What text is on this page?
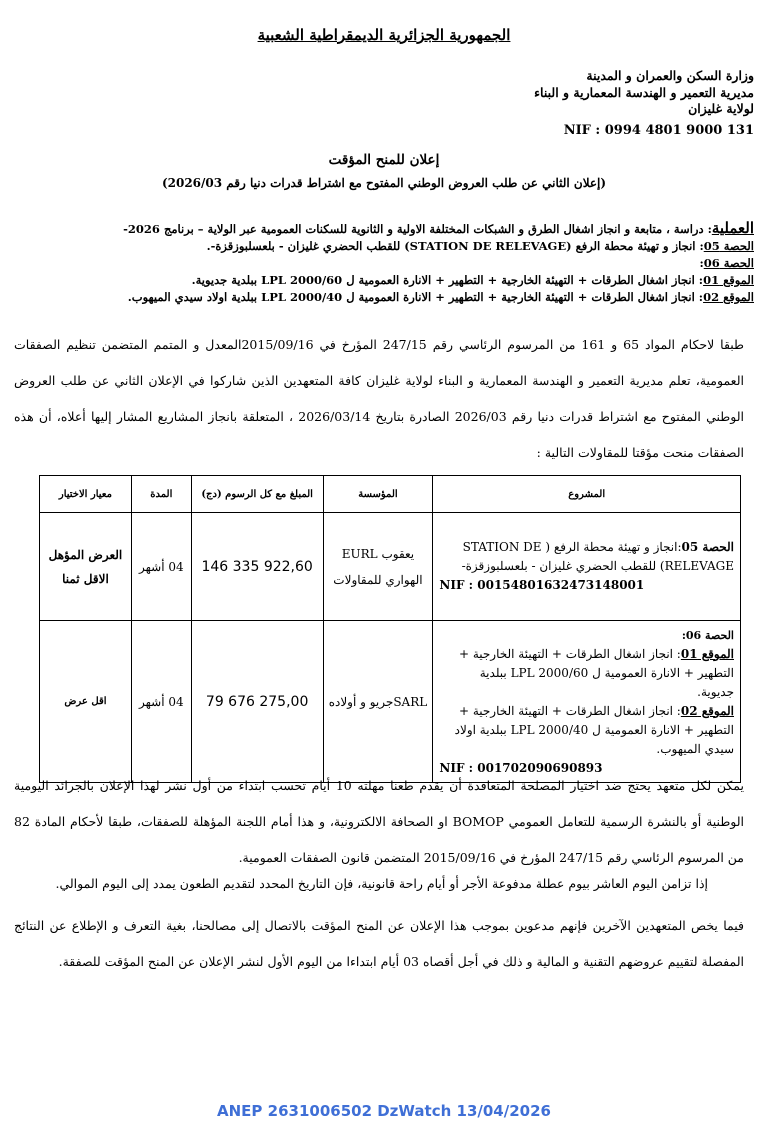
الجمهورية الجزائرية الديمقراطية الشعبية
وزارة السكن والعمران و المدينة
مديرية التعمير و الهندسة المعمارية و البناء
لولاية غليزان
NIF : 0994 4801 9000 131
إعلان للمنح المؤقت
(إعلان الثاني عن طلب العروض الوطني المفتوح مع اشتراط قدرات دنيا رقم 2026/03)
العملية: دراسة ، متابعة و انجاز اشغال الطرق و الشبكات المختلفة الاولية و الثانوية للسكنات العمومية عبر الولاية – برنامج 2026-
الحصة 05: انجاز و تهيئة محطة الرفع (STATION DE RELEVAGE) للقطب الحضري غليزان - بلعسلبوزقزة-.
الحصة 06:
الموقع 01: انجاز اشغال الطرقات + التهيئة الخارجية + التطهير + الانارة العمومية ل LPL 2000/60 ببلدية جديوية.
الموقع 02: انجاز اشغال الطرقات + التهيئة الخارجية + التطهير + الانارة العمومية ل LPL 2000/40 ببلدية اولاد سيدي الميهوب.
طبقا لاحكام المواد 65 و 161 من المرسوم الرئاسي رقم 247/15 المؤرخ في 2015/09/16المعدل و المتمم المتضمن تنظيم الصفقات العمومية، تعلم مديرية التعمير و الهندسة المعمارية و البناء لولاية غليزان كافة المتعهدين الذين شاركوا في الإعلان الثاني عن طلب العروض الوطني المفتوح مع اشتراط قدرات دنيا رقم 2026/03 الصادرة بتاريخ 2026/03/14 ، المتعلقة بانجاز المشاريع المشار إليها أعلاه، أن هذه الصفقات منحت مؤقتا للمقاولات التالية :
المشروع	المؤسسة	المبلغ مع كل الرسوم (دج)	المدة	معيار الاختيار

الحصة 05:انجاز و تهيئة محطة الرفع ( STATION DE RELEVAGE) للقطب الحضري غليزان - بلعسلبوزقزة-
NIF : 00154801632473148001	يعقوب EURL الهواري للمقاولات	146 335 922,60	04 أشهر	العرض المؤهل الاقل ثمنا

الحصة 06:
الموقع 01: انجاز اشغال الطرقات + التهيئة الخارجية + التطهير + الانارة العمومية ل LPL 2000/60 ببلدية جديوية.
الموقع 02: انجاز اشغال الطرقات + التهيئة الخارجية + التطهير + الانارة العمومية ل LPL 2000/40 ببلدية اولاد سيدي الميهوب.
NIF : 001702090690893	SARLجريو و أولاده	79 676 275,00	04 أشهر	اقل عرض
يمكن لكل متعهد يحتج ضد اختيار المصلحة المتعاقدة أن يقدم طعنا مهلته 10 أيام تحسب ابتداء من أول نشر لهذا الإعلان بالجرائد اليومية الوطنية أو بالنشرة الرسمية للتعامل العمومي BOMOP او الصحافة الالكترونية، و هذا أمام اللجنة المؤهلة للصفقات، طبقا لأحكام المادة 82 من المرسوم الرئاسي رقم 247/15 المؤرخ في 2015/09/16 المتضمن قانون الصفقات العمومية.
إذا تزامن اليوم العاشر بيوم عطلة مدفوعة الأجر أو أيام راحة قانونية، فإن التاريخ المحدد لتقديم الطعون يمدد إلى اليوم الموالي.
فيما يخص المتعهدين الآخرين فإنهم مدعوين بموجب هذا الإعلان عن المنح المؤقت بالاتصال إلى مصالحنا، بغية التعرف و الإطلاع عن النتائج المفصلة لتقييم عروضهم التقنية و المالية و ذلك في أجل أقصاه 03 أيام ابتداءا من اليوم الأول لنشر الإعلان عن المنح المؤقت للصفقة.
ANEP 2631006502 DzWatch 13/04/2026
